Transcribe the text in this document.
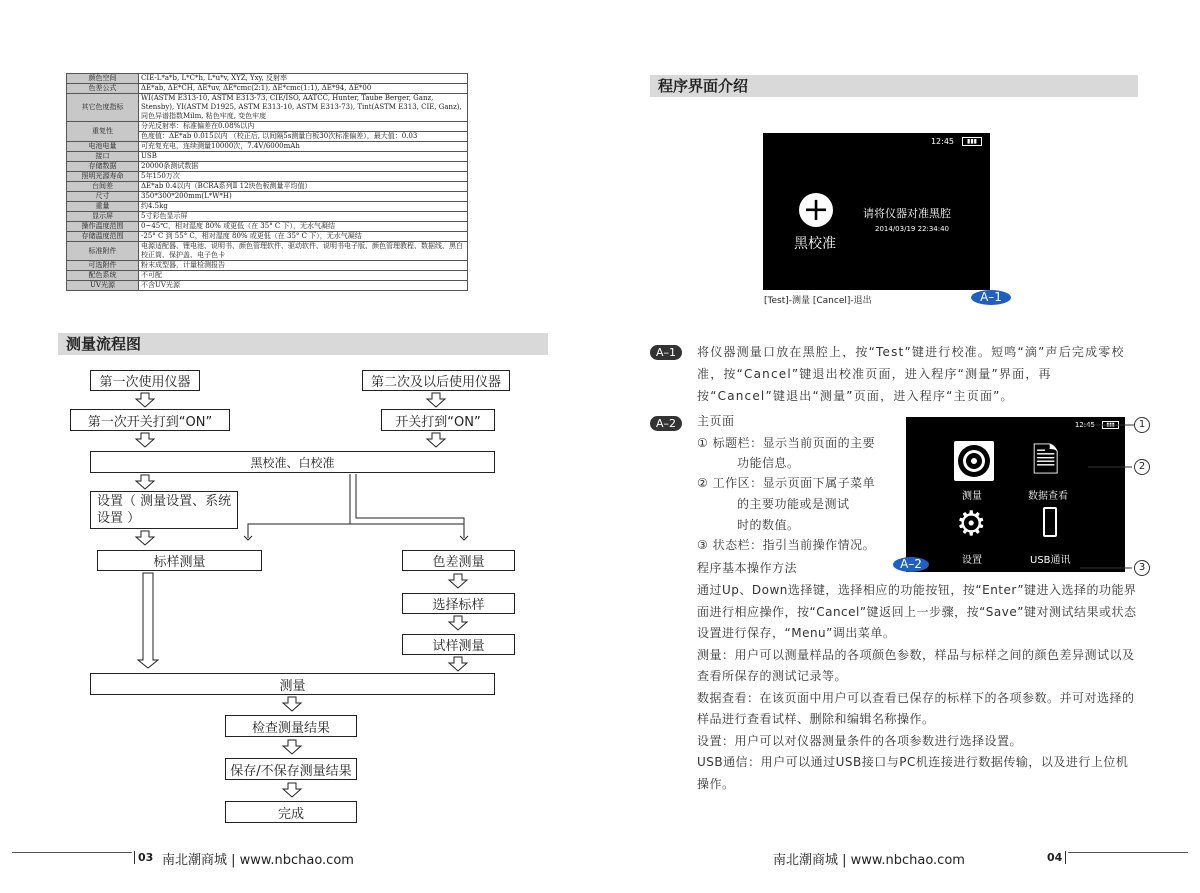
颜色空间	CIE-L*a*b, L*C*h, L*u*v, XYZ, Yxy, 反射率
色差公式	ΔE*ab, ΔE*CH, ΔE*uv, ΔE*cmc(2:1), ΔE*cmc(1:1), ΔE*94, ΔE*00
其它色度指标	WI(ASTM E313-10, ASTM E313-73, CIE/ISO, AATCC, Hunter, Taube Berger, Ganz, Stensby), YI(ASTM D1925, ASTM E313-10, ASTM E313-73), Tint(ASTM E313, CIE, Ganz), 同色异谱指数Milm, 粘色牢度, 变色牢度
重复性	分光反射率：标准偏差在0.08%以内
	色度值：ΔE*ab 0.015以内 （校正后, 以间隔5s测量白板30次标准偏差），最大值：0.03
电池电量	可充复充电，连续测量10000次，7.4V/6000mAh
接口	USB
存储数据	20000条测试数据
照明光源寿命	5年150万次
台间差	ΔE*ab 0.4以内（BCRA系列Ⅱ 12块色板测量平均值）
尺寸	350*300*200mm(L*W*H)
重量	约4.5kg
显示屏	5寸彩色显示屏
操作温度范围	0~45℃，相对湿度 80% 或更低（在 35° C 下），无水气凝结
存储温度范围	-25° C 到 55° C，相对湿度 80% 或更低（在 35° C 下），无水气凝结
标准附件	电源适配器、锂电池、说明书、颜色管理软件、驱动软件、说明书电子版、颜色管理教程、数据线、黑白校正筒、保护盖、电子色卡
可选附件	粉末成型器，计量检测报告
配色系统	不可配
UV光源	不含UV光源
测量流程图
第一次使用仪器	第二次及以后使用仪器
第一次开关打到“ON”	开关打到“ON”
黑校准、白校准
设置（ 测量设置、系统设置 ）
标样测量	色差测量
选择标样
试样测量
测量
检查测量结果
保存/不保存测量结果
完成
程序界面介绍
12:45	▮▮▮
+
黑校准
请将仪器对准黑腔
2014/03/19 22:34:40
[Test]-测量 [Cancel]-退出	A–1
A–1	将仪器测量口放在黑腔上，按“Test”键进行校准。短鸣“滴”声后完成零校准，按“Cancel”键退出校准页面，进入程序“测量”界面，再按“Cancel”键退出“测量”页面，进入程序“主页面”。
A–2	主页面
① 标题栏：显示当前页面的主要
功能信息。
② 工作区：显示页面下属子菜单
的主要功能或是测试
时的数值。
③ 状态栏：指引当前操作情况。
12:45	▮▮▮
🗎
测量	数据查看
⚙
设置	USB通讯
A–2
1
2
3
程序基本操作方法
通过Up、Down选择键，选择相应的功能按钮，按“Enter”键进入选择的功能界面进行相应操作，按“Cancel”键返回上一步骤，按“Save”键对测试结果或状态设置进行保存，“Menu”调出菜单。
测量：用户可以测量样品的各项颜色参数，样品与标样之间的颜色差异测试以及查看所保存的测试记录等。
数据查看：在该页面中用户可以查看已保存的标样下的各项参数。并可对选择的样品进行查看试样、删除和编辑名称操作。
设置：用户可以对仪器测量条件的各项参数进行选择设置。
USB通信：用户可以通过USB接口与PC机连接进行数据传输，以及进行上位机操作。
03 南北潮商城 | www.nbchao.com	南北潮商城 | www.nbchao.com	04
